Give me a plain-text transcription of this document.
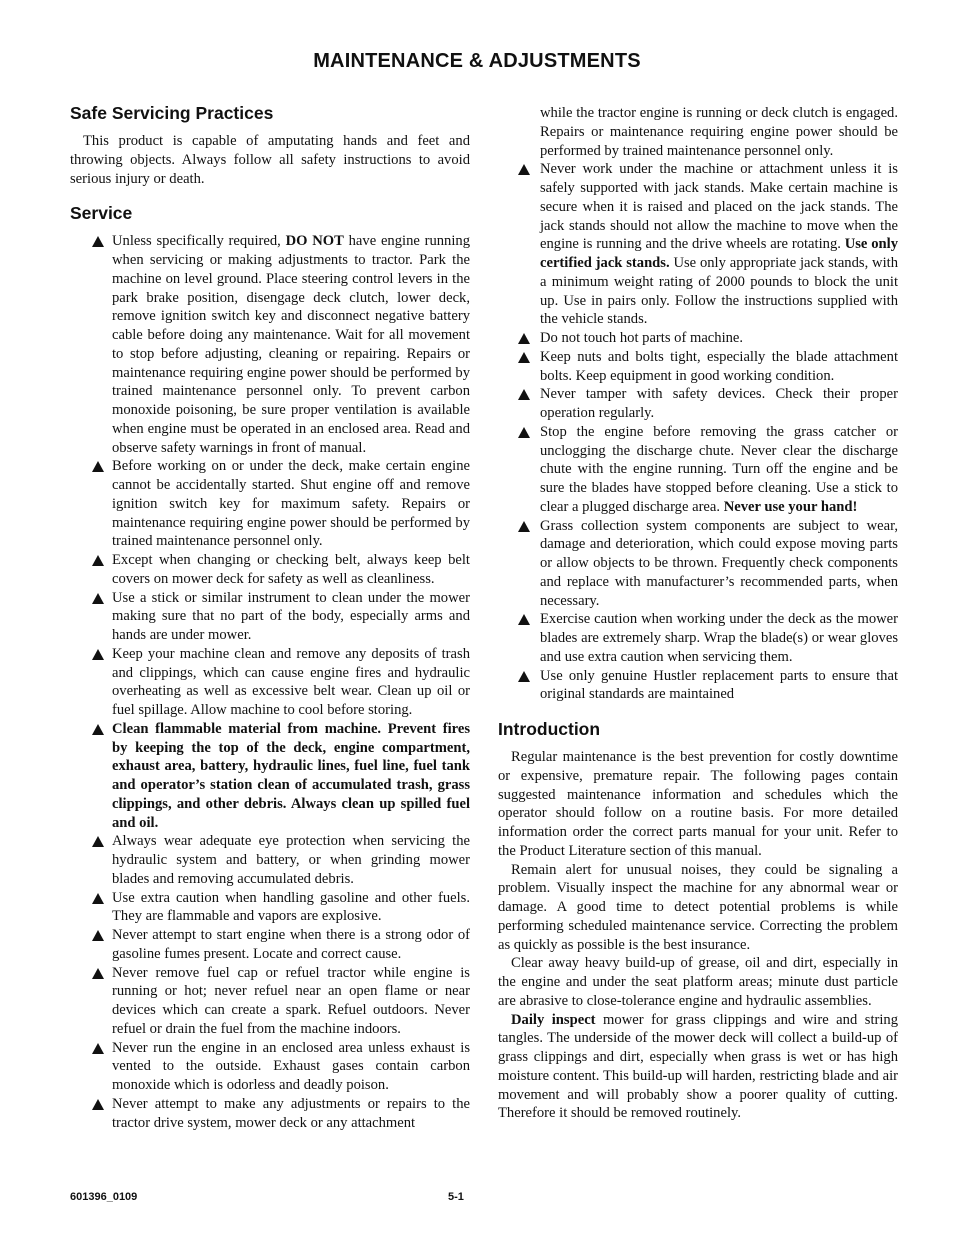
MAINTENANCE & ADJUSTMENTS
Safe Servicing Practices

This product is capable of amputating hands and feet and throwing objects. Always follow all safety instructions to avoid serious injury or death.

Service
Unless specifically required, DO NOT have engine running when servicing or making adjustments to tractor. Park the machine on level ground. Place steering control levers in the park brake position, disengage deck clutch, lower deck, remove ignition switch key and disconnect negative battery cable before doing any maintenance. Wait for all movement to stop before adjusting, cleaning or repairing. Repairs or maintenance requiring engine power should be performed by trained maintenance personnel only. To prevent carbon monoxide poisoning, be sure proper ventilation is available when engine must be operated in an enclosed area. Read and observe safety warnings in front of manual.
Before working on or under the deck, make certain engine cannot be accidentally started. Shut engine off and remove ignition switch key for maximum safety. Repairs or maintenance requiring engine power should be performed by trained maintenance personnel only.
Except when changing or checking belt, always keep belt covers on mower deck for safety as well as cleanliness.
Use a stick or similar instrument to clean under the mower making sure that no part of the body, especially arms and hands are under mower.
Keep your machine clean and remove any deposits of trash and clippings, which can cause engine fires and hydraulic overheating as well as excessive belt wear. Clean up oil or fuel spillage. Allow machine to cool before storing.
Clean flammable material from machine. Prevent fires by keeping the top of the deck, engine compartment, exhaust area, battery, hydraulic lines, fuel line, fuel tank and operator’s station clean of accumulated trash, grass clippings, and other debris. Always clean up spilled fuel and oil.
Always wear adequate eye protection when servicing the hydraulic system and battery, or when grinding mower blades and removing accumulated debris.
Use extra caution when handling gasoline and other fuels. They are flammable and vapors are explosive.
Never attempt to start engine when there is a strong odor of gasoline fumes present. Locate and correct cause.
Never remove fuel cap or refuel tractor while engine is running or hot; never refuel near an open flame or near devices which can create a spark. Refuel outdoors. Never refuel or drain the fuel from the machine indoors.
Never run the engine in an enclosed area unless exhaust is vented to the outside. Exhaust gases contain carbon monoxide which is odorless and deadly poison.
Never attempt to make any adjustments or repairs to the tractor drive system, mower deck or any attachment

while the tractor engine is running or deck clutch is engaged. Repairs or maintenance requiring engine power should be performed by trained maintenance personnel only.

Never work under the machine or attachment unless it is safely supported with jack stands. Make certain machine is secure when it is raised and placed on the jack stands. The jack stands should not allow the machine to move when the engine is running and the drive wheels are rotating. Use only certified jack stands. Use only appropriate jack stands, with a minimum weight rating of 2000 pounds to block the unit up. Use in pairs only. Follow the instructions supplied with the vehicle stands.
Do not touch hot parts of machine.
Keep nuts and bolts tight, especially the blade attachment bolts. Keep equipment in good working condition.
Never tamper with safety devices. Check their proper operation regularly.
Stop the engine before removing the grass catcher or unclogging the discharge chute. Never clear the discharge chute with the engine running. Turn off the engine and be sure the blades have stopped before cleaning. Use a stick to clear a plugged discharge area. Never use your hand!
Grass collection system components are subject to wear, damage and deterioration, which could expose moving parts or allow objects to be thrown. Frequently check components and replace with manufacturer’s recommended parts, when necessary.
Exercise caution when working under the deck as the mower blades are extremely sharp. Wrap the blade(s) or wear gloves and use extra caution when servicing them.
Use only genuine Hustler replacement parts to ensure that original standards are maintained
Introduction

Regular maintenance is the best prevention for costly downtime or expensive, premature repair. The following pages contain suggested maintenance information and schedules which the operator should follow on a routine basis. For more detailed information order the correct parts manual for your unit. Refer to the Product Literature section of this manual.

Remain alert for unusual noises, they could be signaling a problem. Visually inspect the machine for any abnormal wear or damage. A good time to detect potential problems is while performing scheduled maintenance service. Correcting the problem as quickly as possible is the best insurance.

Clear away heavy build-up of grease, oil and dirt, especially in the engine and under the seat platform areas; minute dust particle are abrasive to close-tolerance engine and hydraulic assemblies.

Daily inspect mower for grass clippings and wire and string tangles. The underside of the mower deck will collect a build-up of grass clippings and dirt, especially when grass is wet or has high moisture content. This build-up will harden, restricting blade and air movement and will probably show a poorer quality of cutting. Therefore it should be removed routinely.

601396_0109	5-1
